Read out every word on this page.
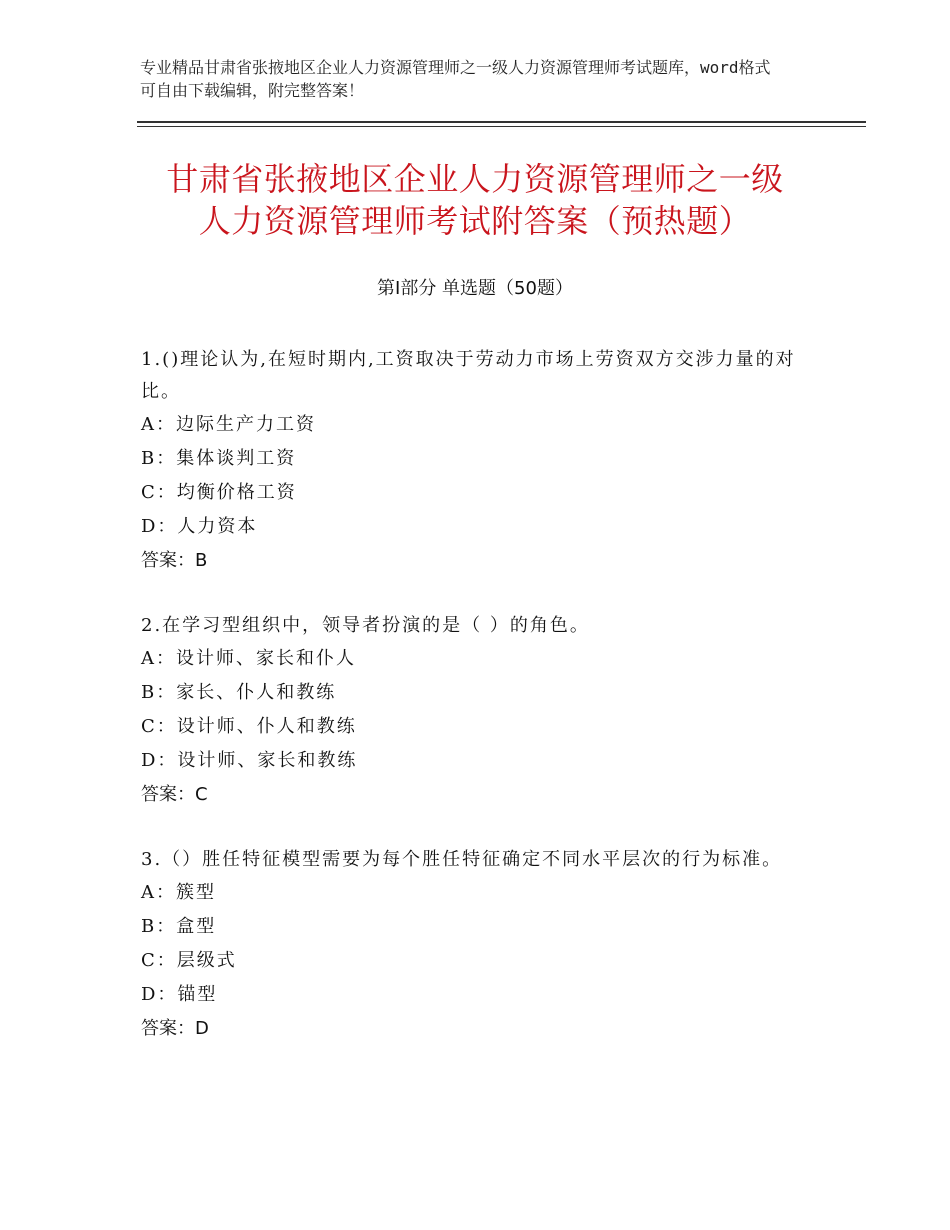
专业精品甘肃省张掖地区企业人力资源管理师之一级人力资源管理师考试题库，word格式可自由下载编辑，附完整答案！
甘肃省张掖地区企业人力资源管理师之一级
人力资源管理师考试附答案（预热题）
第Ⅰ部分 单选题（50题）
1.()理论认为,在短时期内,工资取决于劳动力市场上劳资双方交涉力量的对比。
A：边际生产力工资
B：集体谈判工资
C：均衡价格工资
D：人力资本
答案：B
2.在学习型组织中，领导者扮演的是（ ）的角色。
A：设计师、家长和仆人
B：家长、仆人和教练
C：设计师、仆人和教练
D：设计师、家长和教练
答案：C
3.（）胜任特征模型需要为每个胜任特征确定不同水平层次的行为标准。
A：簇型
B：盒型
C：层级式
D：锚型
答案：D
